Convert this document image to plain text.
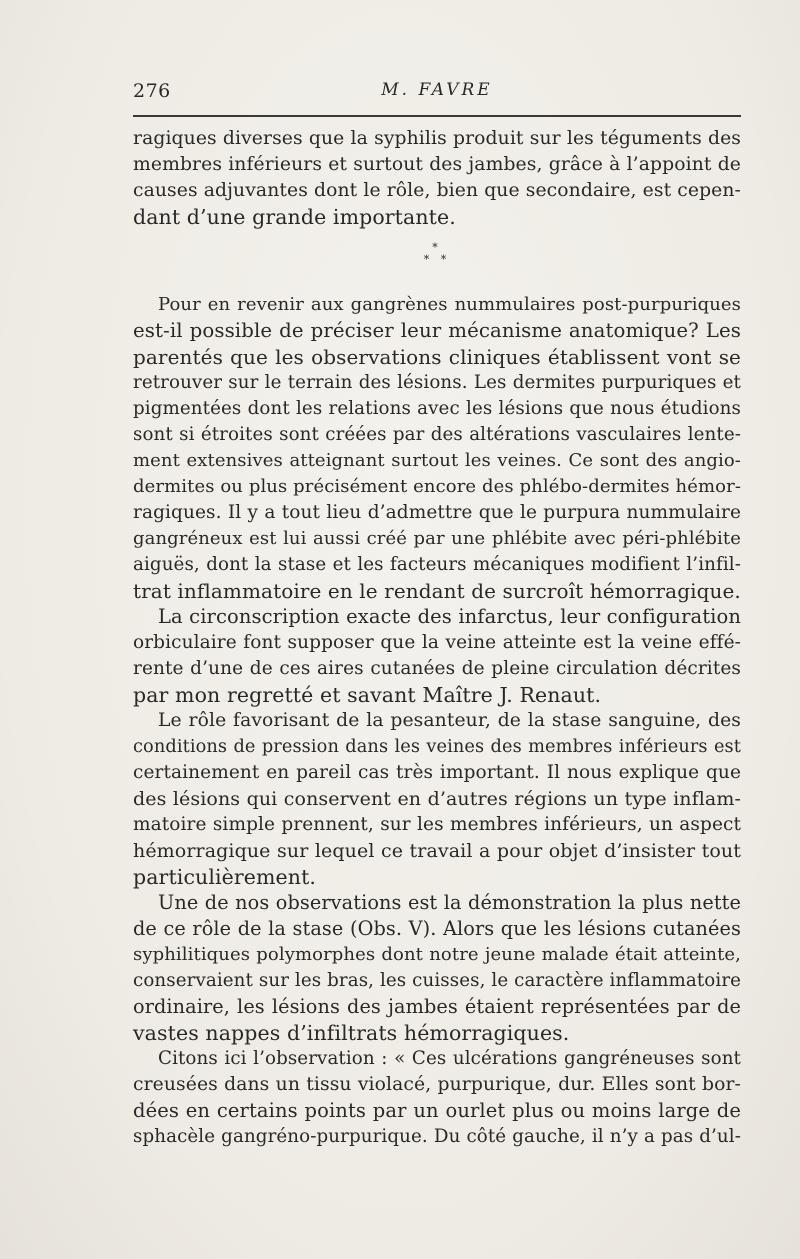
276	M. FAVRE
ragiques diverses que la syphilis produit sur les téguments des
membres inférieurs et surtout des jambes, grâce à l’appoint de
causes adjuvantes dont le rôle, bien que secondaire, est cepen-
dant d’une grande importante.
*
* *
Pour en revenir aux gangrènes nummulaires post-purpuriques
est-il possible de préciser leur mécanisme anatomique? Les
parentés que les observations cliniques établissent vont se
retrouver sur le terrain des lésions. Les dermites purpuriques et
pigmentées dont les relations avec les lésions que nous étudions
sont si étroites sont créées par des altérations vasculaires lente-
ment extensives atteignant surtout les veines. Ce sont des angio-
dermites ou plus précisément encore des phlébo-dermites hémor-
ragiques. Il y a tout lieu d’admettre que le purpura nummulaire
gangréneux est lui aussi créé par une phlébite avec péri-phlébite
aiguës, dont la stase et les facteurs mécaniques modifient l’infil-
trat inflammatoire en le rendant de surcroît hémorragique.
La circonscription exacte des infarctus, leur configuration
orbiculaire font supposer que la veine atteinte est la veine effé-
rente d’une de ces aires cutanées de pleine circulation décrites
par mon regretté et savant Maître J. Renaut.
Le rôle favorisant de la pesanteur, de la stase sanguine, des
conditions de pression dans les veines des membres inférieurs est
certainement en pareil cas très important. Il nous explique que
des lésions qui conservent en d’autres régions un type inflam-
matoire simple prennent, sur les membres inférieurs, un aspect
hémorragique sur lequel ce travail a pour objet d’insister tout
particulièrement.
Une de nos observations est la démonstration la plus nette
de ce rôle de la stase (Obs. V). Alors que les lésions cutanées
syphilitiques polymorphes dont notre jeune malade était atteinte,
conservaient sur les bras, les cuisses, le caractère inflammatoire
ordinaire, les lésions des jambes étaient représentées par de
vastes nappes d’infiltrats hémorragiques.
Citons ici l’observation : « Ces ulcérations gangréneuses sont
creusées dans un tissu violacé, purpurique, dur. Elles sont bor-
dées en certains points par un ourlet plus ou moins large de
sphacèle gangréno-purpurique. Du côté gauche, il n’y a pas d’ul-
